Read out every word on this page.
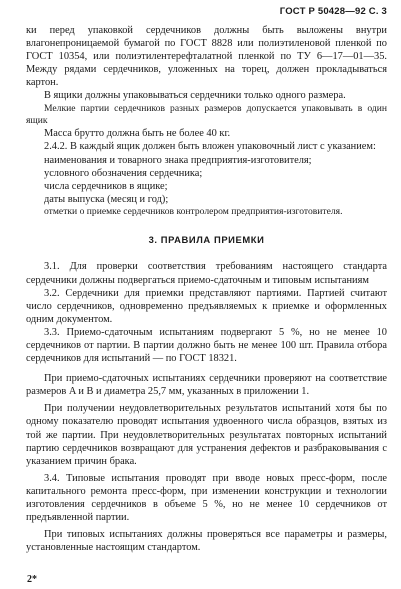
ГОСТ Р 50428—92 С. 3

ки перед упаковкой сердечников должны быть выложены внутри влагонепроницаемой бумагой по ГОСТ 8828 или полиэтиленовой пленкой по ГОСТ 10354, или полиэтилентерефталатной пленкой по ТУ 6—17—01—35. Между рядами сердечников, уложенных на торец, должен прокладываться картон.

В ящики должны упаковываться сердечники только одного размера.

Мелкие партии сердечников разных размеров допускается упаковывать в один ящик

Масса брутто должна быть не более 40 кг.

2.4.2. В каждый ящик должен быть вложен упаковочный лист с указанием:

наименования и товарного знака предприятия-изготовителя;

условного обозначения сердечника;

числа сердечников в ящике;

даты выпуска (месяц и год);

отметки о приемке сердечников контролером предприятия-изготовителя.

3. ПРАВИЛА ПРИЕМКИ

3.1. Для проверки соответствия требованиям настоящего стандарта сердечники должны подвергаться приемо-сдаточным и типовым испытаниям

3.2. Сердечники для приемки представляют партиями. Партией считают число сердечников, одновременно предъявляемых к приемке и оформленных одним документом.

3.3. Приемо-сдаточным испытаниям подвергают 5 %, но не менее 10 сердечников от партии. В партии должно быть не менее 100 шт. Правила отбора сердечников для испытаний — по ГОСТ 18321.

При приемо-сдаточных испытаниях сердечники проверяют на соответствие размеров A и B и диаметра 25,7 мм, указанных в приложении 1.

При получении неудовлетворительных результатов испытаний хотя бы по одному показателю проводят испытания удвоенного числа образцов, взятых из той же партии. При неудовлетворительных результатах повторных испытаний партию сердечников возвращают для устранения дефектов и разбраковывания с указанием причин брака.

3.4. Типовые испытания проводят при вводе новых пресс-форм, после капитального ремонта пресс-форм, при изменении конструкции и технологии изготовления сердечников в объеме 5 %, но не менее 10 сердечников от предъявленной партии.

При типовых испытаниях должны проверяться все параметры и размеры, установленные настоящим стандартом.

2*
